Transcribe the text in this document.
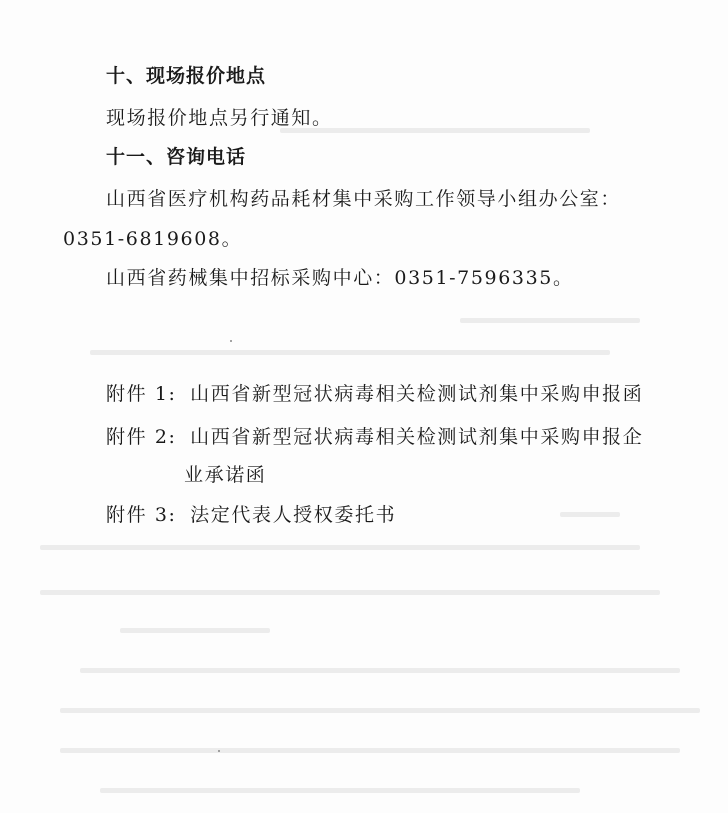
十、现场报价地点
现场报价地点另行通知。
十一、咨询电话
山西省医疗机构药品耗材集中采购工作领导小组办公室：
0351-6819608。
山西省药械集中招标采购中心：0351-7596335。
附件 1: 山西省新型冠状病毒相关检测试剂集中采购申报函
附件 2: 山西省新型冠状病毒相关检测试剂集中采购申报企
业承诺函
附件 3: 法定代表人授权委托书
